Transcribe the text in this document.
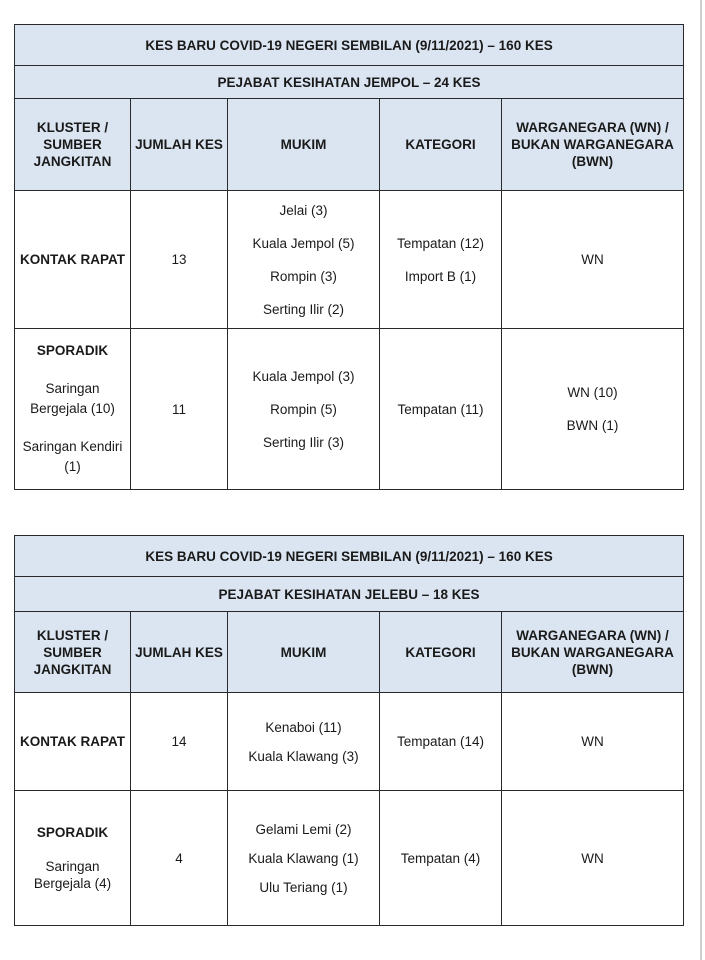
KES BARU COVID-19 NEGERI SEMBILAN (9/11/2021) – 160 KES				
PEJABAT KESIHATAN JEMPOL – 24 KES				
KLUSTER / SUMBER JANGKITAN	JUMLAH KES	MUKIM	KATEGORI	WARGANEGARA (WN) / BUKAN WARGANEGARA (BWN)

KONTAK RAPAT	13	Jelai (3)
Kuala Jempol (5)
Rompin (3)
Serting Ilir (2)	Tempatan (12)
Import B (1)	WN

SPORADIK
Saringan Bergejala (10)
Saringan Kendiri (1)	11	Kuala Jempol (3)
Rompin (5)
Serting Ilir (3)	Tempatan (11)	WN (10)
BWN (1)
KES BARU COVID-19 NEGERI SEMBILAN (9/11/2021) – 160 KES				
PEJABAT KESIHATAN JELEBU – 18 KES				
KLUSTER / SUMBER JANGKITAN	JUMLAH KES	MUKIM	KATEGORI	WARGANEGARA (WN) / BUKAN WARGANEGARA (BWN)

KONTAK RAPAT	14	Kenaboi (11)
Kuala Klawang (3)	Tempatan (14)	WN

SPORADIK
Saringan Bergejala (4)	4	Gelami Lemi (2)
Kuala Klawang (1)
Ulu Teriang (1)	Tempatan (4)	WN
